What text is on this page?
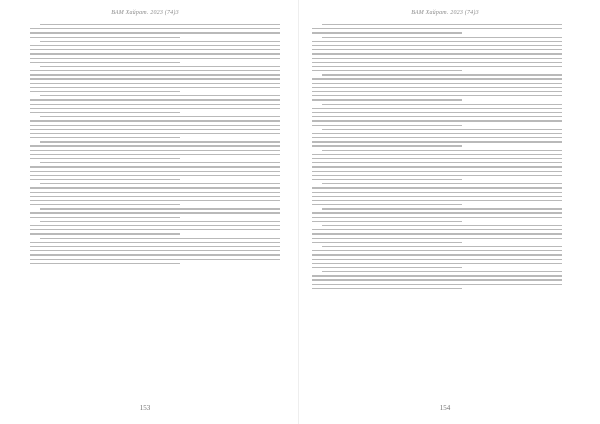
ВАМ Хайрат. 2023 (74)3
153
ВАМ Хайрат. 2023 (74)3
154
